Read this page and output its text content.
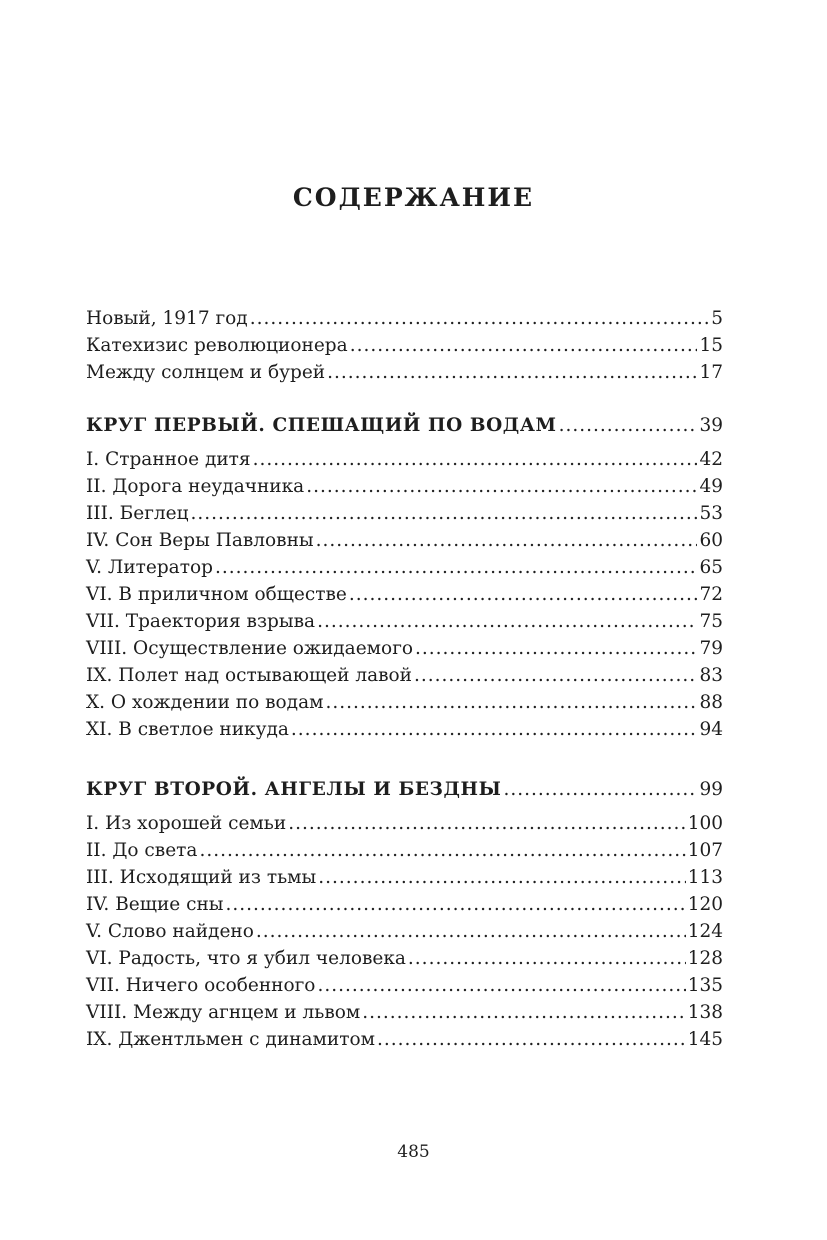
СОДЕРЖАНИЕ
Новый, 1917 год .....	5
Катехизис революционера .....	15
Между солнцем и бурей .....	17
КРУГ ПЕРВЫЙ. СПЕШАЩИЙ ПО ВОДАМ .....	39
I. Странное дитя .....	42
II. Дорога неудачника .....	49
III. Беглец .....	53
IV. Сон Веры Павловны .....	60
V. Литератор .....	65
VI. В приличном обществе .....	72
VII. Траектория взрыва .....	75
VIII. Осуществление ожидаемого .....	79
IX. Полет над остывающей лавой .....	83
X. О хождении по водам .....	88
XI. В светлое никуда .....	94
КРУГ ВТОРОЙ. АНГЕЛЫ И БЕЗДНЫ .....	99
I. Из хорошей семьи .....	100
II. До света .....	107
III. Исходящий из тьмы .....	113
IV. Вещие сны .....	120
V. Слово найдено .....	124
VI. Радость, что я убил человека .....	128
VII. Ничего особенного .....	135
VIII. Между агнцем и львом .....	138
IX. Джентльмен с динамитом .....	145
485
